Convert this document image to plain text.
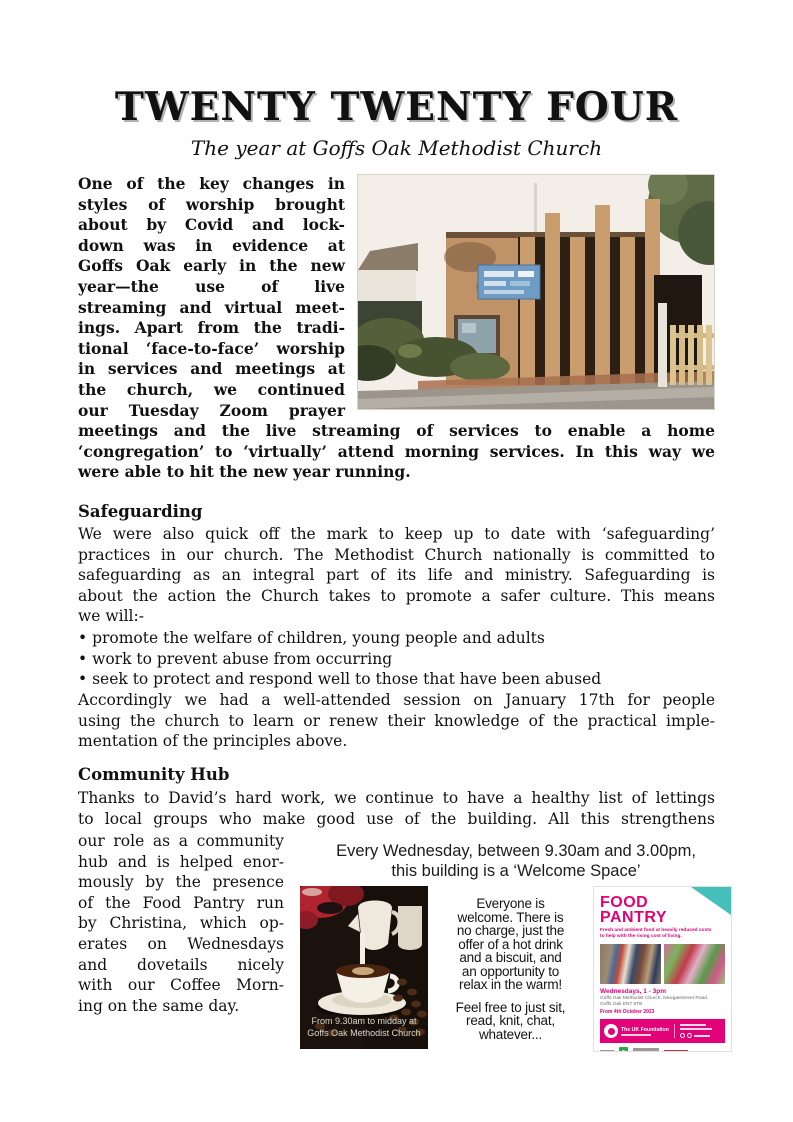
TWENTY TWENTY FOUR
The year at Goffs Oak Methodist Church
One of the key changes in
styles of worship brought
about by Covid and lock-
down was in evidence at
Goffs Oak early in the new
year—the use of live
streaming and virtual meet-
ings. Apart from the tradi-
tional ‘face-to-face’ worship
in services and meetings at
the church, we continued
our Tuesday Zoom prayer
meetings and the live streaming of services to enable a home
‘congregation’ to ‘virtually’ attend morning services. In this way we
were able to hit the new year running.
Safeguarding
We were also quick off the mark to keep up to date with ‘safeguarding’
practices in our church. The Methodist Church nationally is committed to
safeguarding as an integral part of its life and ministry. Safeguarding is
about the action the Church takes to promote a safer culture. This means
we will:-
• promote the welfare of children, young people and adults
• work to prevent abuse from occurring
• seek to protect and respond well to those that have been abused
Accordingly we had a well-attended session on January 17th for people
using the church to learn or renew their knowledge of the practical imple-
mentation of the principles above.
Community Hub
Thanks to David’s hard work, we continue to have a healthy list of lettings
to local groups who make good use of the building. All this strengthens
our role as a community
hub and is helped enor-
mously by the presence
of the Food Pantry run
by Christina, which op-
erates on Wednesdays
and dovetails nicely
with our Coffee Morn-
ing on the same day.
Every Wednesday, between 9.30am and 3.00pm,
this building is a ‘Welcome Space’
From 9.30am to midday at
Goffs Oak Methodist Church
Everyone is
welcome. There is
no charge, just the
offer of a hot drink
and a biscuit, and
an opportunity to
relax in the warm!
Feel free to just sit,
read, knit, chat,
whatever...
FOOD
PANTRY
Fresh and ambient food at heavily reduced costs
to help with the rising cost of living.
Wednesdays, 1 - 3pm
Goffs Oak Methodist Church, Newgatestreet Road,
Goffs Oak EN7 6TB
From 4th October 2023
The UK Foundation
